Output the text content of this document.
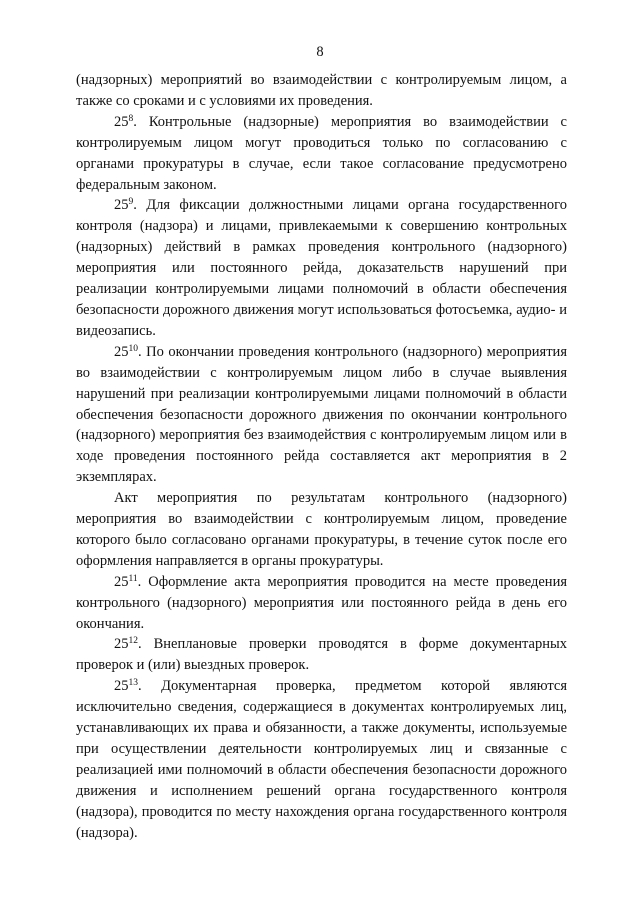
8

(надзорных) мероприятий во взаимодействии с контролируемым лицом, а также со сроками и с условиями их проведения.

$25^8$. Контрольные (надзорные) мероприятия во взаимодействии с контролируемым лицом могут проводиться только по согласованию с органами прокуратуры в случае, если такое согласование предусмотрено федеральным законом.

$25^9$. Для фиксации должностными лицами органа государственного контроля (надзора) и лицами, привлекаемыми к совершению контрольных (надзорных) действий в рамках проведения контрольного (надзорного) мероприятия или постоянного рейда, доказательств нарушений при реализации контролируемыми лицами полномочий в области обеспечения безопасности дорожного движения могут использоваться фотосъемка, аудио- и видеозапись.

$25^{10}$. По окончании проведения контрольного (надзорного) мероприятия во взаимодействии с контролируемым лицом либо в случае выявления нарушений при реализации контролируемыми лицами полномочий в области обеспечения безопасности дорожного движения по окончании контрольного (надзорного) мероприятия без взаимодействия с контролируемым лицом или в ходе проведения постоянного рейда составляется акт мероприятия в 2 экземплярах.

Акт мероприятия по результатам контрольного (надзорного) мероприятия во взаимодействии с контролируемым лицом, проведение которого было согласовано органами прокуратуры, в течение суток после его оформления направляется в органы прокуратуры.

$25^{11}$. Оформление акта мероприятия проводится на месте проведения контрольного (надзорного) мероприятия или постоянного рейда в день его окончания.

$25^{12}$. Внеплановые проверки проводятся в форме документарных проверок и (или) выездных проверок.

$25^{13}$. Документарная проверка, предметом которой являются исключительно сведения, содержащиеся в документах контролируемых лиц, устанавливающих их права и обязанности, а также документы, используемые при осуществлении деятельности контролируемых лиц и связанные с реализацией ими полномочий в области обеспечения безопасности дорожного движения и исполнением решений органа государственного контроля (надзора), проводится по месту нахождения органа государственного контроля (надзора).
